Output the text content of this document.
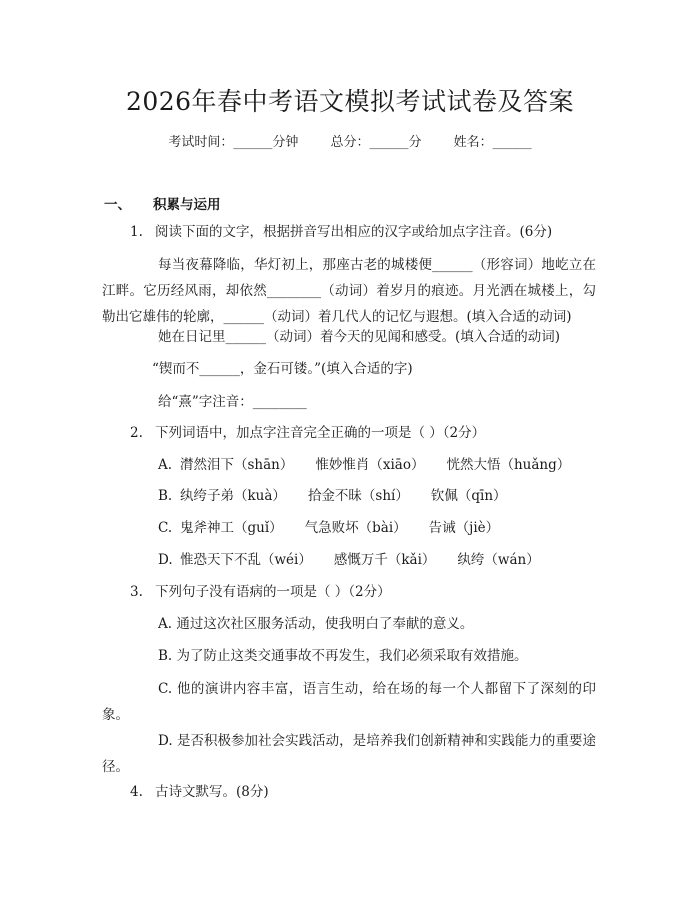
2026年春中考语文模拟考试试卷及答案
考试时间：______分钟 总分：______分 姓名：______
一、 积累与运用
1. 阅读下面的文字，根据拼音写出相应的汉字或给加点字注音。(6分)
每当夜幕降临，华灯初上，那座古老的城楼便______（形容词）地屹立在江畔。它历经风雨，却依然________（动词）着岁月的痕迹。月光洒在城楼上，勾勒出它雄伟的轮廓，______（动词）着几代人的记忆与遐想。(填入合适的动词)
她在日记里______（动词）着今天的见闻和感受。(填入合适的动词)
“锲而不______，金石可镂。”(填入合适的字)
给“熹”字注音：________
2. 下列词语中，加点字注音完全正确的一项是（ ）（2分）
A. 潸然泪下（shān） 惟妙惟肖（xiāo） 恍然大悟（huǎng）
B. 纨绔子弟（kuà） 拾金不昧（shí） 钦佩（qīn）
C. 鬼斧神工（guǐ） 气急败坏（bài） 告诫（jiè）
D. 惟恐天下不乱（wéi） 感慨万千（kǎi） 纨绔（wán）
3. 下列句子没有语病的一项是（ ）（2分）
A. 通过这次社区服务活动，使我明白了奉献的意义。
B. 为了防止这类交通事故不再发生，我们必须采取有效措施。
C. 他的演讲内容丰富，语言生动，给在场的每一个人都留下了深刻的印象。
D. 是否积极参加社会实践活动，是培养我们创新精神和实践能力的重要途径。
4. 古诗文默写。(8分)
